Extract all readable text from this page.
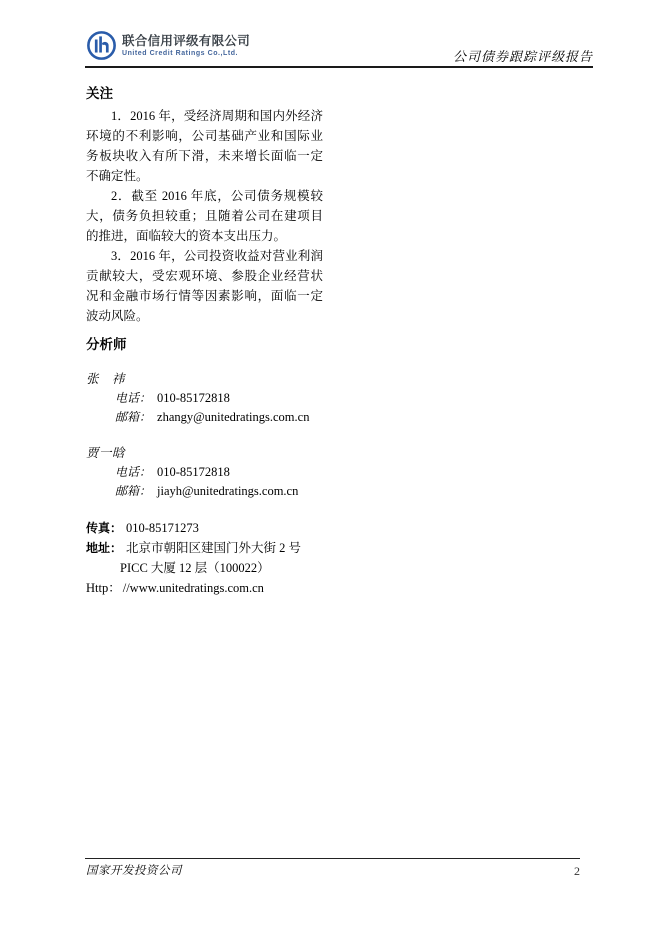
联合信用评级有限公司
United Credit Ratings Co.,Ltd.	公司债券跟踪评级报告
关注

1．2016 年，受经济周期和国内外经济环境的不利影响，公司基础产业和国际业务板块收入有所下滑，未来增长面临一定不确定性。

2．截至 2016 年底，公司债务规模较大，债务负担较重；且随着公司在建项目的推进，面临较大的资本支出压力。

3．2016 年，公司投资收益对营业利润贡献较大，受宏观环境、参股企业经营状况和金融市场行情等因素影响，面临一定波动风险。

分析师
张　祎
电话： 010-85172818
邮箱： zhangy@unitedratings.com.cn
贾一晗
电话： 010-85172818
邮箱： jiayh@unitedratings.com.cn
传真： 010-85171273
地址： 北京市朝阳区建国门外大街 2 号
PICC 大厦 12 层（100022）
Http： //www.unitedratings.com.cn
国家开发投资公司	2
